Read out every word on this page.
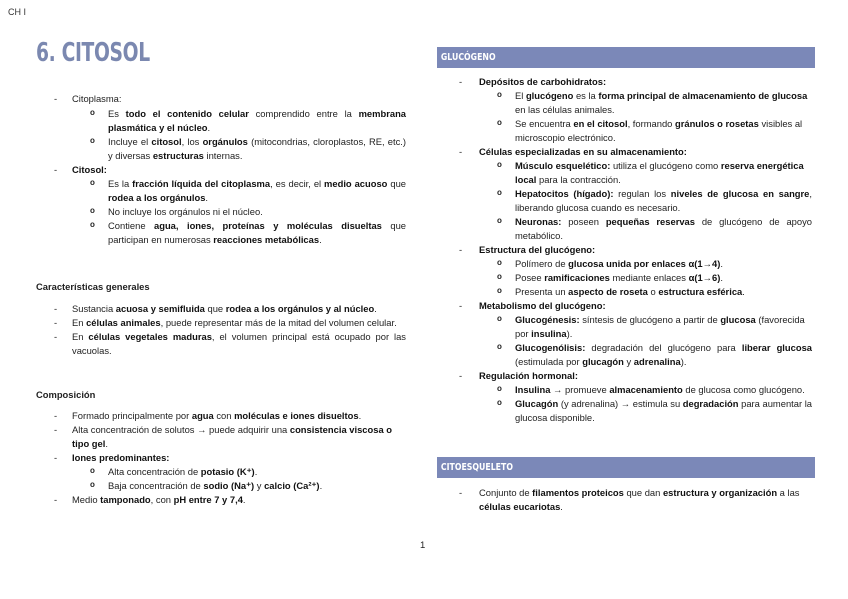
CH I
6. CITOSOL
- Citoplasma:
o Es todo el contenido celular comprendido entre la membrana plasmática y el núcleo.
o Incluye el citosol, los orgánulos (mitocondrias, cloroplastos, RE, etc.) y diversas estructuras internas.
- Citosol:
o Es la fracción líquida del citoplasma, es decir, el medio acuoso que rodea a los orgánulos.
o No incluye los orgánulos ni el núcleo.
o Contiene agua, iones, proteínas y moléculas disueltas que participan en numerosas reacciones metabólicas.

Características generales

- Sustancia acuosa y semifluida que rodea a los orgánulos y al núcleo.
- En células animales, puede representar más de la mitad del volumen celular.
- En células vegetales maduras, el volumen principal está ocupado por las vacuolas.

Composición

- Formado principalmente por agua con moléculas e iones disueltos.
- Alta concentración de solutos → puede adquirir una consistencia viscosa o tipo gel.
- Iones predominantes:
o Alta concentración de potasio (K⁺).
o Baja concentración de sodio (Na⁺) y calcio (Ca²⁺).
- Medio tamponado, con pH entre 7 y 7,4.
GLUCÓGENO
- Depósitos de carbohidratos:
o El glucógeno es la forma principal de almacenamiento de glucosa en las células animales.
o Se encuentra en el citosol, formando gránulos o rosetas visibles al microscopio electrónico.
- Células especializadas en su almacenamiento:
o Músculo esquelético: utiliza el glucógeno como reserva energética local para la contracción.
o Hepatocitos (hígado): regulan los niveles de glucosa en sangre, liberando glucosa cuando es necesario.
o Neuronas: poseen pequeñas reservas de glucógeno de apoyo metabólico.
- Estructura del glucógeno:
o Polímero de glucosa unida por enlaces α(1→4).
o Posee ramificaciones mediante enlaces α(1→6).
o Presenta un aspecto de roseta o estructura esférica.
- Metabolismo del glucógeno:
o Glucogénesis: síntesis de glucógeno a partir de glucosa (favorecida por insulina).
o Glucogenólisis: degradación del glucógeno para liberar glucosa (estimulada por glucagón y adrenalina).
- Regulación hormonal:
o Insulina → promueve almacenamiento de glucosa como glucógeno.
o Glucagón (y adrenalina) → estimula su degradación para aumentar la glucosa disponible.
CITOESQUELETO
- Conjunto de filamentos proteicos que dan estructura y organización a las células eucariotas.
1
